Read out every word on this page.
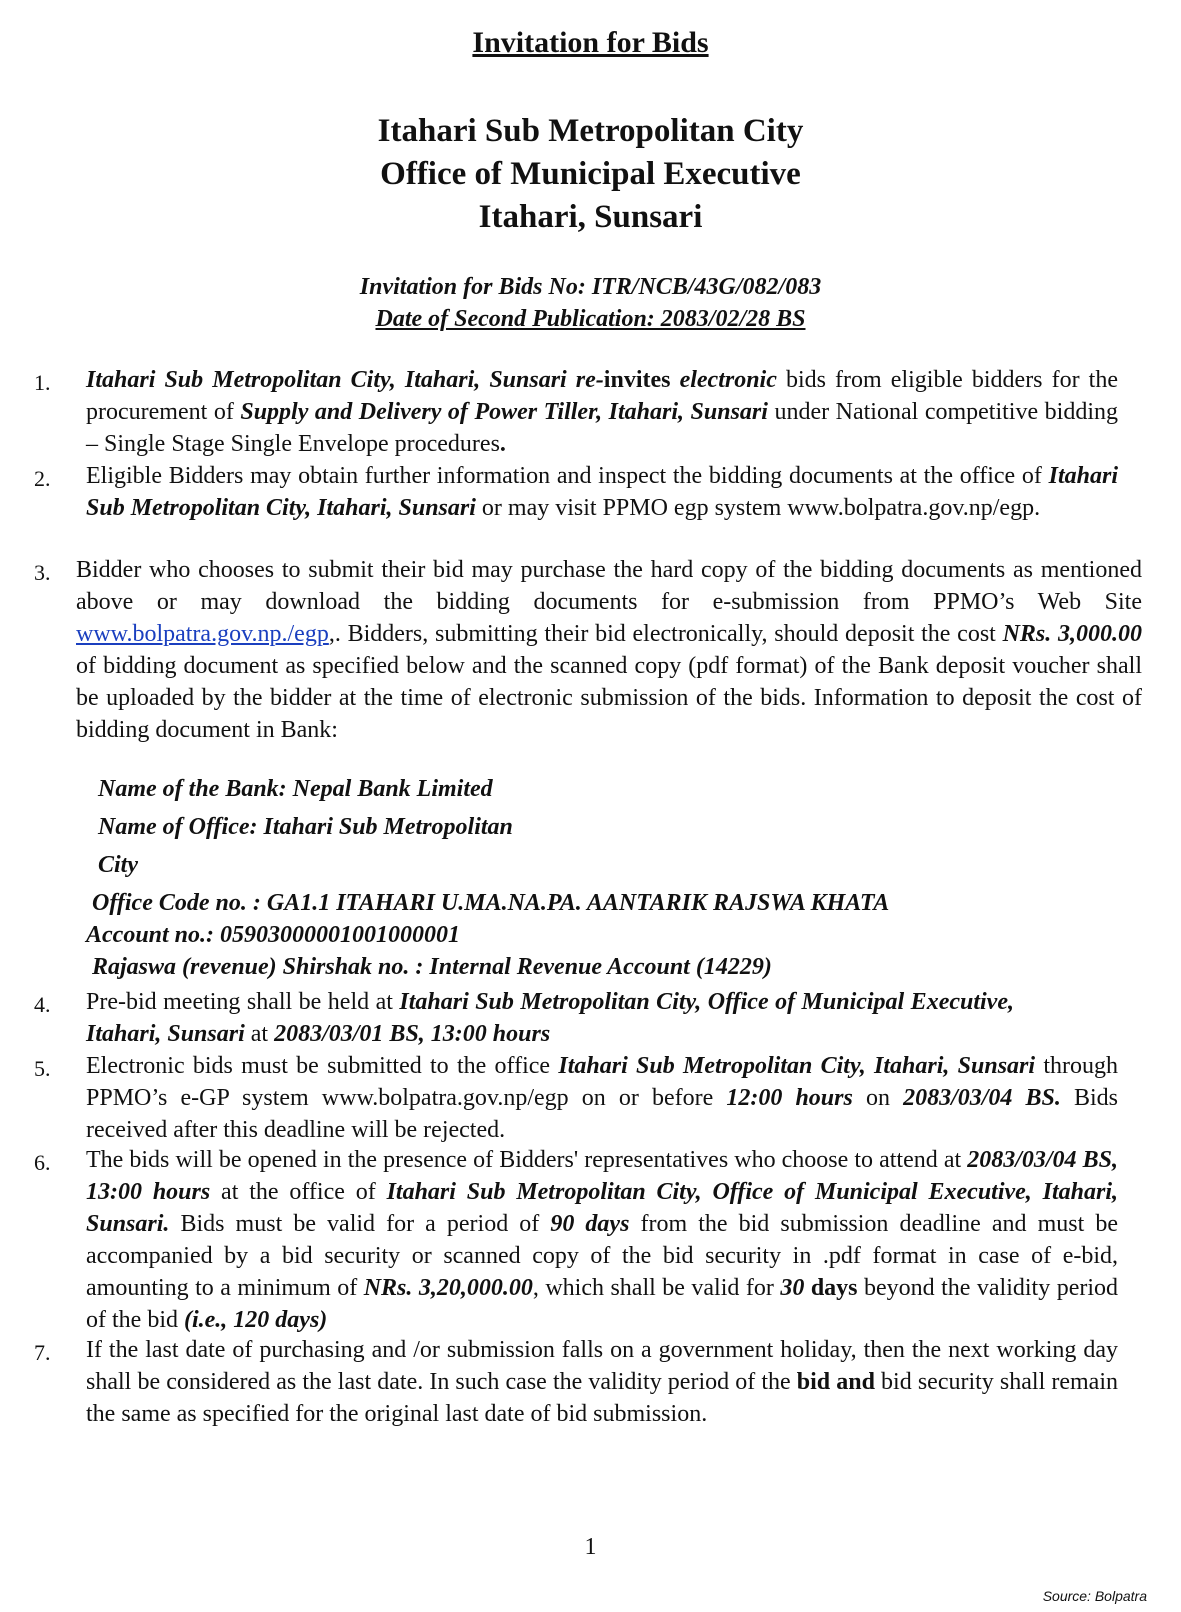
Invitation for Bids
Itahari Sub Metropolitan City
Office of Municipal Executive
Itahari, Sunsari
Invitation for Bids No: ITR/NCB/43G/082/083
Date of Second Publication: 2083/02/28 BS
1. Itahari Sub Metropolitan City, Itahari, Sunsari re-invites electronic bids from eligible bidders for the procurement of Supply and Delivery of Power Tiller, Itahari, Sunsari under National competitive bidding – Single Stage Single Envelope procedures.
2. Eligible Bidders may obtain further information and inspect the bidding documents at the office of Itahari Sub Metropolitan City, Itahari, Sunsari or may visit PPMO egp system www.bolpatra.gov.np/egp.
3. Bidder who chooses to submit their bid may purchase the hard copy of the bidding documents as mentioned above or may download the bidding documents for e-submission from PPMO’s Web Site www.bolpatra.gov.np./egp,. Bidders, submitting their bid electronically, should deposit the cost NRs. 3,000.00 of bidding document as specified below and the scanned copy (pdf format) of the Bank deposit voucher shall be uploaded by the bidder at the time of electronic submission of the bids. Information to deposit the cost of bidding document in Bank:
Name of the Bank: Nepal Bank Limited
Name of Office: Itahari Sub Metropolitan
City
Office Code no. : GA1.1 ITAHARI U.MA.NA.PA. AANTARIK RAJSWA KHATA
Account no.: 05903000001001000001
Rajaswa (revenue) Shirshak no. : Internal Revenue Account (14229)
4. Pre-bid meeting shall be held at Itahari Sub Metropolitan City, Office of Municipal Executive, Itahari, Sunsari at 2083/03/01 BS, 13:00 hours
5. Electronic bids must be submitted to the office Itahari Sub Metropolitan City, Itahari, Sunsari through PPMO’s e-GP system www.bolpatra.gov.np/egp on or before 12:00 hours on 2083/03/04 BS. Bids received after this deadline will be rejected.
6. The bids will be opened in the presence of Bidders' representatives who choose to attend at 2083/03/04 BS, 13:00 hours at the office of Itahari Sub Metropolitan City, Office of Municipal Executive, Itahari, Sunsari. Bids must be valid for a period of 90 days from the bid submission deadline and must be accompanied by a bid security or scanned copy of the bid security in .pdf format in case of e-bid, amounting to a minimum of NRs. 3,20,000.00, which shall be valid for 30 days beyond the validity period of the bid (i.e., 120 days)
7. If the last date of purchasing and /or submission falls on a government holiday, then the next working day shall be considered as the last date. In such case the validity period of the bid and bid security shall remain the same as specified for the original last date of bid submission.
1
Source: Bolpatra
